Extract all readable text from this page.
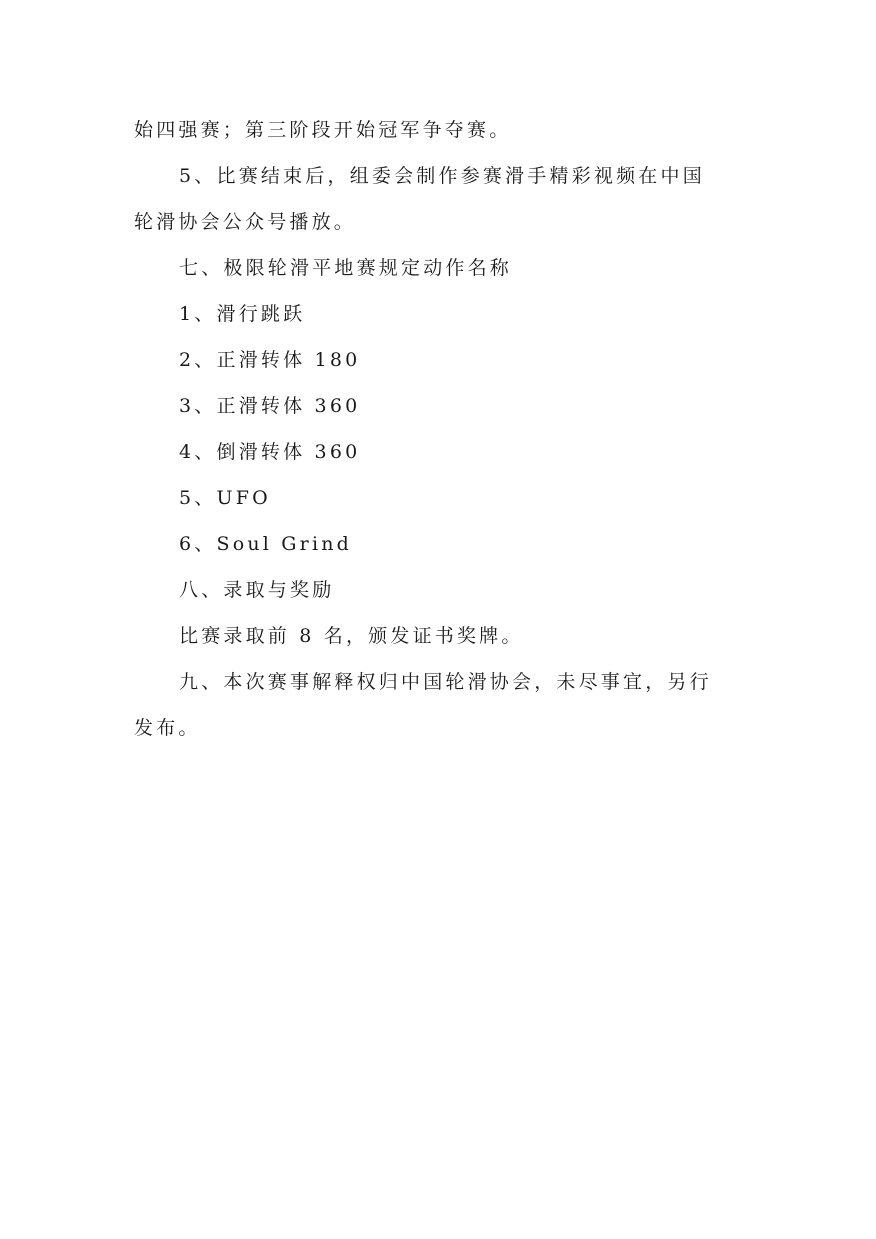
始四强赛；第三阶段开始冠军争夺赛。
5、比赛结束后，组委会制作参赛滑手精彩视频在中国
轮滑协会公众号播放。
七、极限轮滑平地赛规定动作名称
1、滑行跳跃
2、正滑转体 180
3、正滑转体 360
4、倒滑转体 360
5、UFO
6、Soul Grind
八、录取与奖励
比赛录取前 8 名，颁发证书奖牌。
九、本次赛事解释权归中国轮滑协会，未尽事宜，另行
发布。
